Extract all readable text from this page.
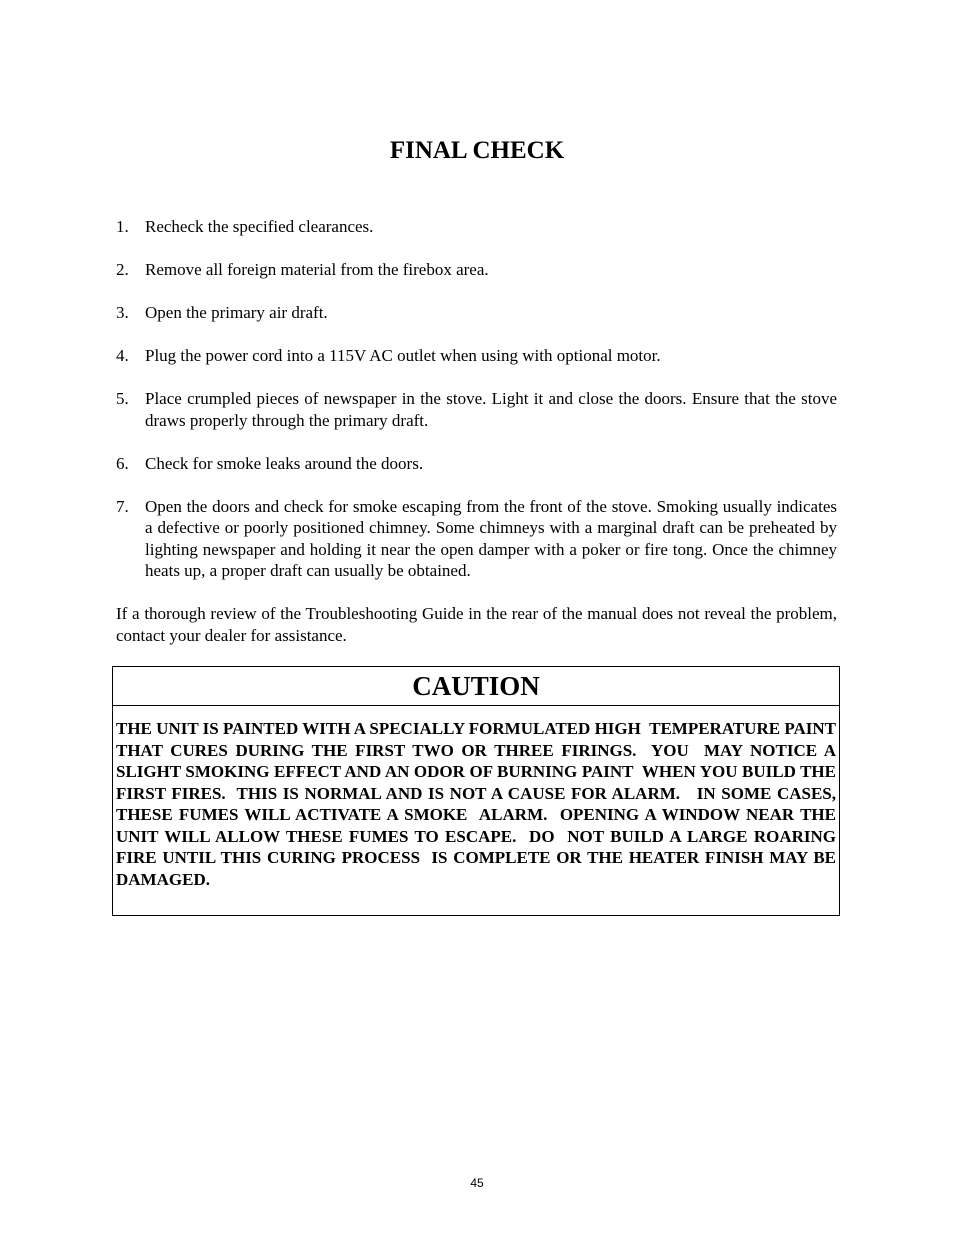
FINAL CHECK
1. Recheck the specified clearances.
2. Remove all foreign material from the firebox area.
3. Open the primary air draft.
4. Plug the power cord into a 115V AC outlet when using with optional motor.
5. Place crumpled pieces of newspaper in the stove. Light it and close the doors. Ensure that the stove draws properly through the primary draft.
6. Check for smoke leaks around the doors.
7. Open the doors and check for smoke escaping from the front of the stove. Smoking usually indicates a defective or poorly positioned chimney. Some chimneys with a marginal draft can be preheated by lighting newspaper and holding it near the open damper with a poker or fire tong. Once the chimney heats up, a proper draft can usually be obtained.

If a thorough review of the Troubleshooting Guide in the rear of the manual does not reveal the problem, contact your dealer for assistance.

CAUTION
THE UNIT IS PAINTED WITH A SPECIALLY FORMULATED HIGH  TEMPERATURE PAINT THAT CURES DURING THE FIRST TWO OR THREE FIRINGS.  YOU  MAY NOTICE A SLIGHT SMOKING EFFECT AND AN ODOR OF BURNING PAINT  WHEN YOU BUILD THE FIRST FIRES.  THIS IS NORMAL AND IS NOT A CAUSE FOR ALARM.   IN SOME CASES, THESE FUMES WILL ACTIVATE A SMOKE  ALARM.  OPENING A WINDOW NEAR THE UNIT WILL ALLOW THESE FUMES TO ESCAPE.  DO  NOT BUILD A LARGE ROARING FIRE UNTIL THIS CURING PROCESS  IS COMPLETE OR THE HEATER FINISH MAY BE DAMAGED.
45
